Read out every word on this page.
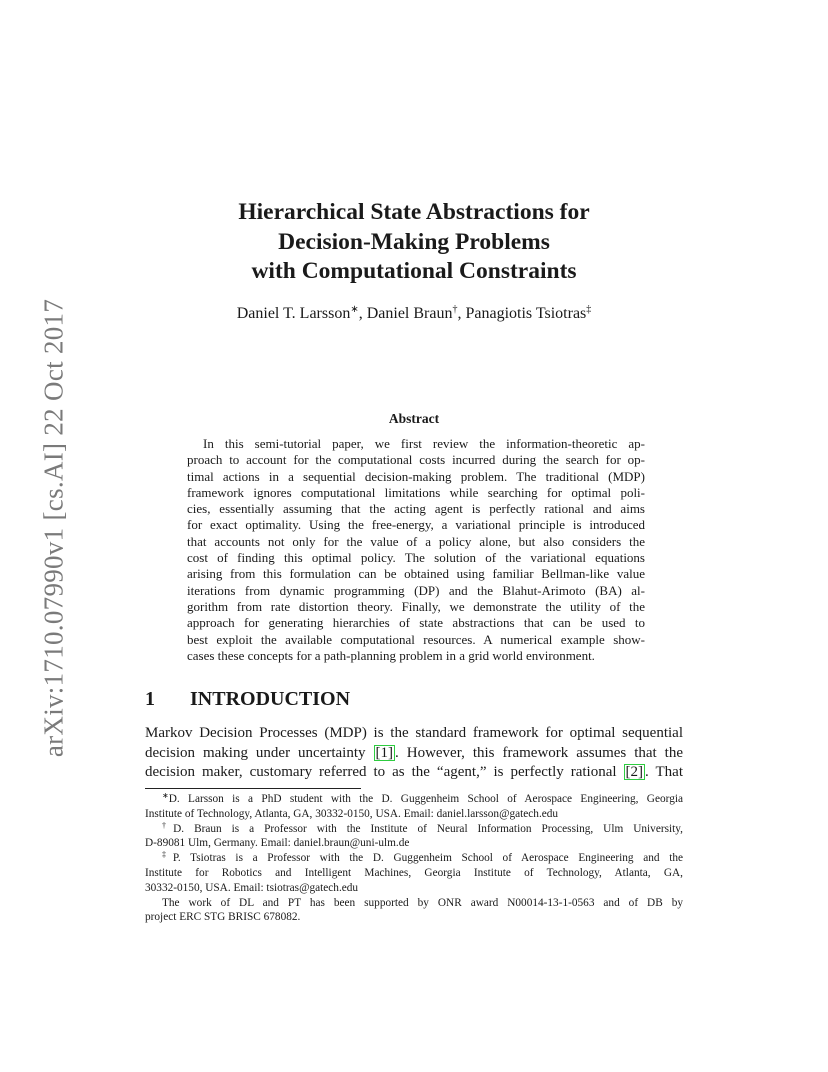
arXiv:1710.07990v1 [cs.AI] 22 Oct 2017
Hierarchical State Abstractions for
Decision-Making Problems
with Computational Constraints
Daniel T. Larsson∗, Daniel Braun†, Panagiotis Tsiotras‡
Abstract
In this semi-tutorial paper, we first review the information-theoretic ap-
proach to account for the computational costs incurred during the search for op-
timal actions in a sequential decision-making problem. The traditional (MDP)
framework ignores computational limitations while searching for optimal poli-
cies, essentially assuming that the acting agent is perfectly rational and aims
for exact optimality. Using the free-energy, a variational principle is introduced
that accounts not only for the value of a policy alone, but also considers the
cost of finding this optimal policy. The solution of the variational equations
arising from this formulation can be obtained using familiar Bellman-like value
iterations from dynamic programming (DP) and the Blahut-Arimoto (BA) al-
gorithm from rate distortion theory. Finally, we demonstrate the utility of the
approach for generating hierarchies of state abstractions that can be used to
best exploit the available computational resources. A numerical example show-
cases these concepts for a path-planning problem in a grid world environment.
1 INTRODUCTION
Markov Decision Processes (MDP) is the standard framework for optimal sequential
decision making under uncertainty [1] . However, this framework assumes that the
decision maker, customary referred to as the “agent,” is perfectly rational [2] . That
∗D. Larsson is a PhD student with the D. Guggenheim School of Aerospace Engineering, Georgia
Institute of Technology, Atlanta, GA, 30332-0150, USA. Email: daniel.larsson@gatech.edu
†D. Braun is a Professor with the Institute of Neural Information Processing, Ulm University,
D-89081 Ulm, Germany. Email: daniel.braun@uni-ulm.de
‡P. Tsiotras is a Professor with the D. Guggenheim School of Aerospace Engineering and the
Institute for Robotics and Intelligent Machines, Georgia Institute of Technology, Atlanta, GA,
30332-0150, USA. Email: tsiotras@gatech.edu
The work of DL and PT has been supported by ONR award N00014-13-1-0563 and of DB by
project ERC STG BRISC 678082.
